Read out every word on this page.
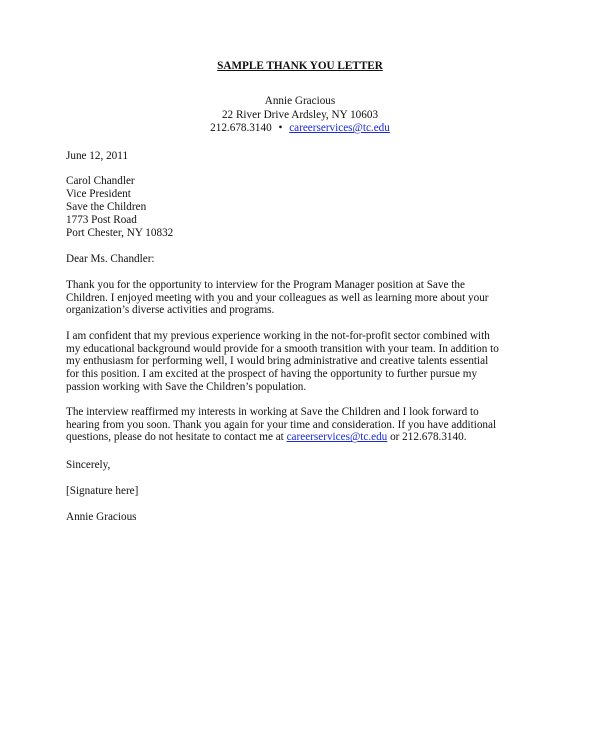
SAMPLE THANK YOU LETTER
Annie Gracious
22 River Drive Ardsley, NY 10603
212.678.3140 • careerservices@tc.edu
June 12, 2011
Carol Chandler
Vice President
Save the Children
1773 Post Road
Port Chester, NY 10832
Dear Ms. Chandler:
Thank you for the opportunity to interview for the Program Manager position at Save the
Children. I enjoyed meeting with you and your colleagues as well as learning more about your
organization’s diverse activities and programs.
I am confident that my previous experience working in the not-for-profit sector combined with
my educational background would provide for a smooth transition with your team. In addition to
my enthusiasm for performing well, I would bring administrative and creative talents essential
for this position. I am excited at the prospect of having the opportunity to further pursue my
passion working with Save the Children’s population.
The interview reaffirmed my interests in working at Save the Children and I look forward to
hearing from you soon. Thank you again for your time and consideration. If you have additional
questions, please do not hesitate to contact me at careerservices@tc.edu or 212.678.3140.
Sincerely,
[Signature here]
Annie Gracious
